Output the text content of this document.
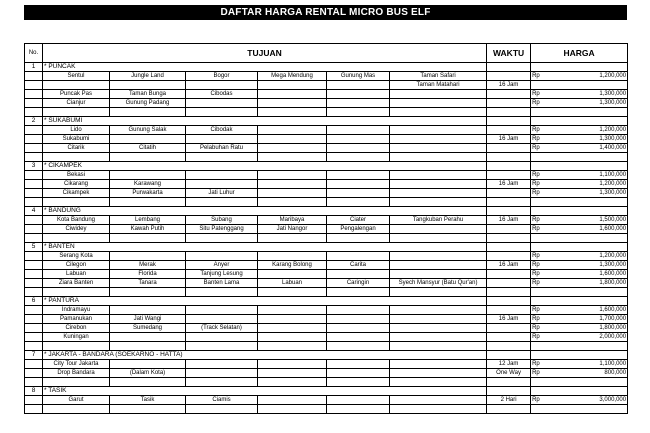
DAFTAR HARGA RENTAL MICRO BUS ELF
No.	TUJUAN						WAKTU	HARGA	
1	* PUNCAK								
	Sentul	Jungle Land	Bogor	Mega Mendung	Gunung Mas	Taman Safari		Rp	1,200,000
						Taman Matahari	16 Jam		
	Puncak Pas	Taman Bunga	Cibodas					Rp	1,300,000
	Cianjur	Gunung Padang						Rp	1,300,000

2	* SUKABUMI								
	Lido	Gunung Salak	Cibodak					Rp	1,200,000
	Sukabumi						16 Jam	Rp	1,300,000
	Citarik	Citatih	Pelabuhan Ratu					Rp	1,400,000

3	* CIKAMPEK								
	Bekasi							Rp	1,100,000
	Cikarang	Karawang					16 Jam	Rp	1,200,000
	Cikampek	Purwakarta	Jati Luhur					Rp	1,300,000

4	* BANDUNG								
	Kota Bandung	Lembang	Subang	Maribaya	Ciater	Tangkuban Perahu	16 Jam	Rp	1,500,000
	Ciwidey	Kawah Putih	Situ Patenggang	Jati Nangor	Pengalengan			Rp	1,600,000

5	* BANTEN								
	Serang Kota							Rp	1,200,000
	Cilegon	Merak	Anyer	Karang Bolong	Carita		16 Jam	Rp	1,300,000
	Labuan	Florida	Tanjung Lesung					Rp	1,600,000
	Ziara Banten	Tanara	Banten Lama	Labuan	Caringin	Syech Mansyur (Batu Qur'an)		Rp	1,800,000

6	* PANTURA								
	Indramayu							Rp	1,600,000
	Pamanukan	Jati Wangi					16 Jam	Rp	1,700,000
	Cirebon	Sumedang	(Track Selatan)					Rp	1,800,000
	Kuningan							Rp	2,000,000

7	* JAKARTA - BANDARA (SOEKARNO - HATTA)								
	City Tour Jakarta						12 Jam	Rp	1,100,000
	Drop Bandara	(Dalam Kota)					One Way	Rp	800,000

8	* TASIK								
	Garut	Tasik	Ciamis				2 Hari	Rp	3,000,000
